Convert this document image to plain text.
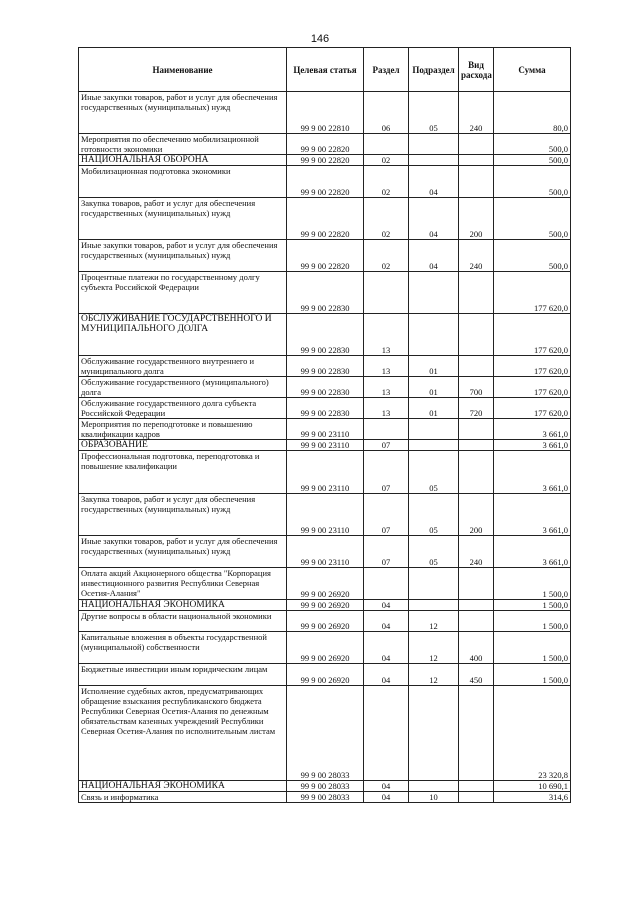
146
Наименование	Целевая статья	Раздел	Подраздел	Вид расхода	Сумма
Иные закупки товаров, работ и услуг для обеспечения государственных (муниципальных) нужд	99 9 00 22810	06	05	240	80,0
Мероприятия по обеспечению мобилизационной готовности экономики	99 9 00 22820				500,0
НАЦИОНАЛЬНАЯ ОБОРОНА	99 9 00 22820	02			500,0
Мобилизационная подготовка экономики	99 9 00 22820	02	04		500,0
Закупка товаров, работ и услуг для обеспечения государственных (муниципальных) нужд	99 9 00 22820	02	04	200	500,0
Иные закупки товаров, работ и услуг для обеспечения государственных (муниципальных) нужд	99 9 00 22820	02	04	240	500,0
Процентные платежи по государственному долгу субъекта Российской Федерации	99 9 00 22830				177 620,0
ОБСЛУЖИВАНИЕ ГОСУДАРСТВЕННОГО И МУНИЦИПАЛЬНОГО ДОЛГА	99 9 00 22830	13			177 620,0
Обслуживание государственного внутреннего и муниципального долга	99 9 00 22830	13	01		177 620,0
Обслуживание государственного (муниципального) долга	99 9 00 22830	13	01	700	177 620,0
Обслуживание государственного долга субъекта Российской Федерации	99 9 00 22830	13	01	720	177 620,0
Мероприятия по переподготовке и повышению квалификации кадров	99 9 00 23110				3 661,0
ОБРАЗОВАНИЕ	99 9 00 23110	07			3 661,0
Профессиональная подготовка, переподготовка и повышение квалификации	99 9 00 23110	07	05		3 661,0
Закупка товаров, работ и услуг для обеспечения государственных (муниципальных) нужд	99 9 00 23110	07	05	200	3 661,0
Иные закупки товаров, работ и услуг для обеспечения государственных (муниципальных) нужд	99 9 00 23110	07	05	240	3 661,0
Оплата акций Акционерного общества "Корпорация инвестиционного развития Республики Северная Осетия-Алания"	99 9 00 26920				1 500,0
НАЦИОНАЛЬНАЯ ЭКОНОМИКА	99 9 00 26920	04			1 500,0
Другие вопросы в области национальной экономики	99 9 00 26920	04	12		1 500,0
Капитальные вложения в объекты государственной (муниципальной) собственности	99 9 00 26920	04	12	400	1 500,0
Бюджетные инвестиции иным юридическим лицам	99 9 00 26920	04	12	450	1 500,0
Исполнение судебных актов, предусматривающих обращение взыскания республиканского бюджета Республики Северная Осетия-Алания по денежным обязательствам казенных учреждений Республики Северная Осетия-Алания по исполнительным листам	99 9 00 28033				23 320,8
НАЦИОНАЛЬНАЯ ЭКОНОМИКА	99 9 00 28033	04			10 690,1
Связь и информатика	99 9 00 28033	04	10		314,6
